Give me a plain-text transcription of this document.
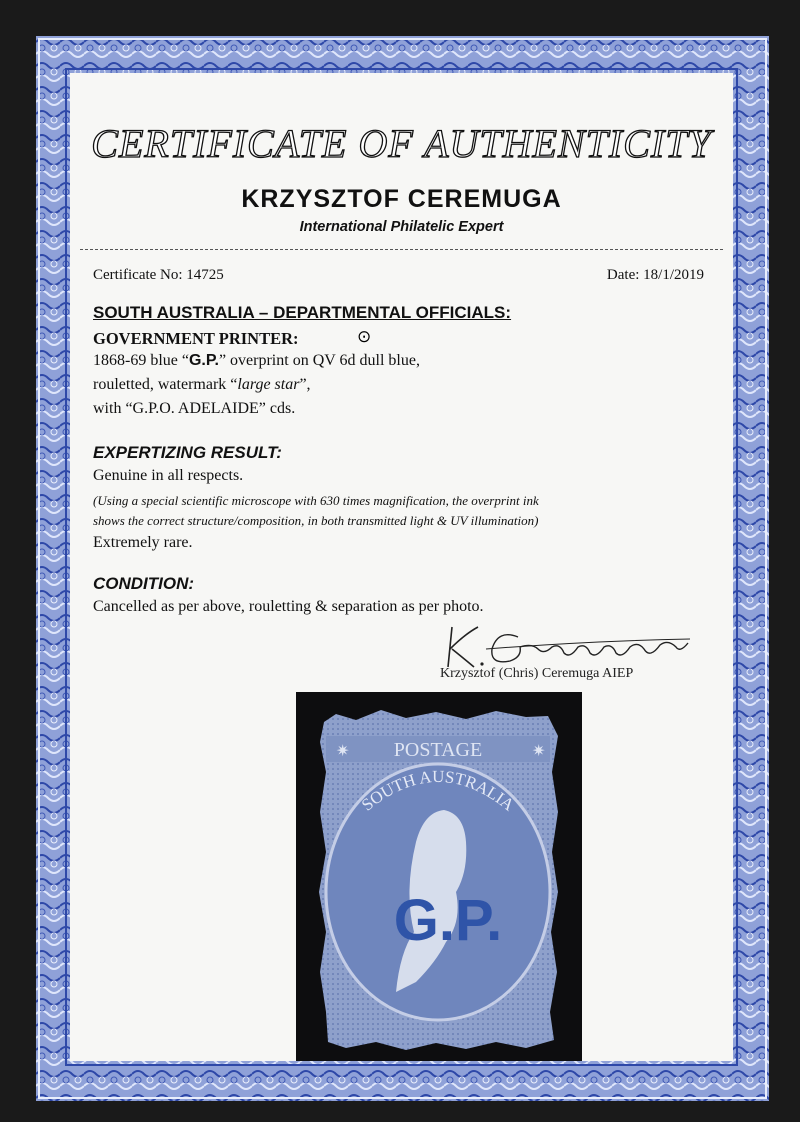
CERTIFICATE OF AUTHENTICITY
KRZYSZTOF CEREMUGA
International Philatelic Expert
Certificate No: 14725	Date: 18/1/2019
SOUTH AUSTRALIA – DEPARTMENTAL OFFICIALS:
GOVERNMENT PRINTER:	⊙
1868-69 blue “G.P.” overprint on QV 6d dull blue,
rouletted, watermark “large star”,
with “G.P.O. ADELAIDE” cds.
EXPERTIZING RESULT:
Genuine in all respects.
(Using a special scientific microscope with 630 times magnification, the overprint ink
shows the correct structure/composition, in both transmitted light & UV illumination)
Extremely rare.
CONDITION:
Cancelled as per above, rouletting & separation as per photo.
Krzysztof (Chris) Ceremuga AIEP
POSTAGE
✷	✷
SOUTH AUSTRALIA
G.P.
